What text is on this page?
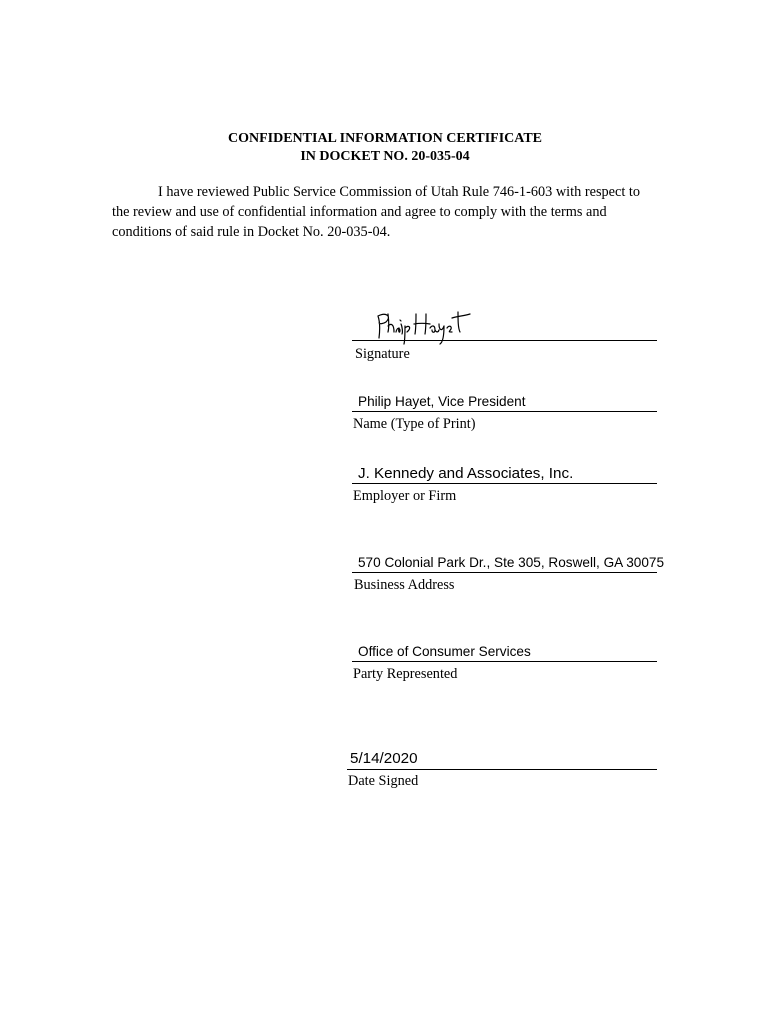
CONFIDENTIAL INFORMATION CERTIFICATE
IN DOCKET NO. 20-035-04
I have reviewed Public Service Commission of Utah Rule 746-1-603 with respect to the review and use of confidential information and agree to comply with the terms and conditions of said rule in Docket No. 20-035-04.
Signature
Philip Hayet, Vice President
Name (Type of Print)
J. Kennedy and Associates, Inc.
Employer or Firm
570 Colonial Park Dr., Ste 305, Roswell, GA 30075
Business Address
Office of Consumer Services
Party Represented
5/14/2020
Date Signed
